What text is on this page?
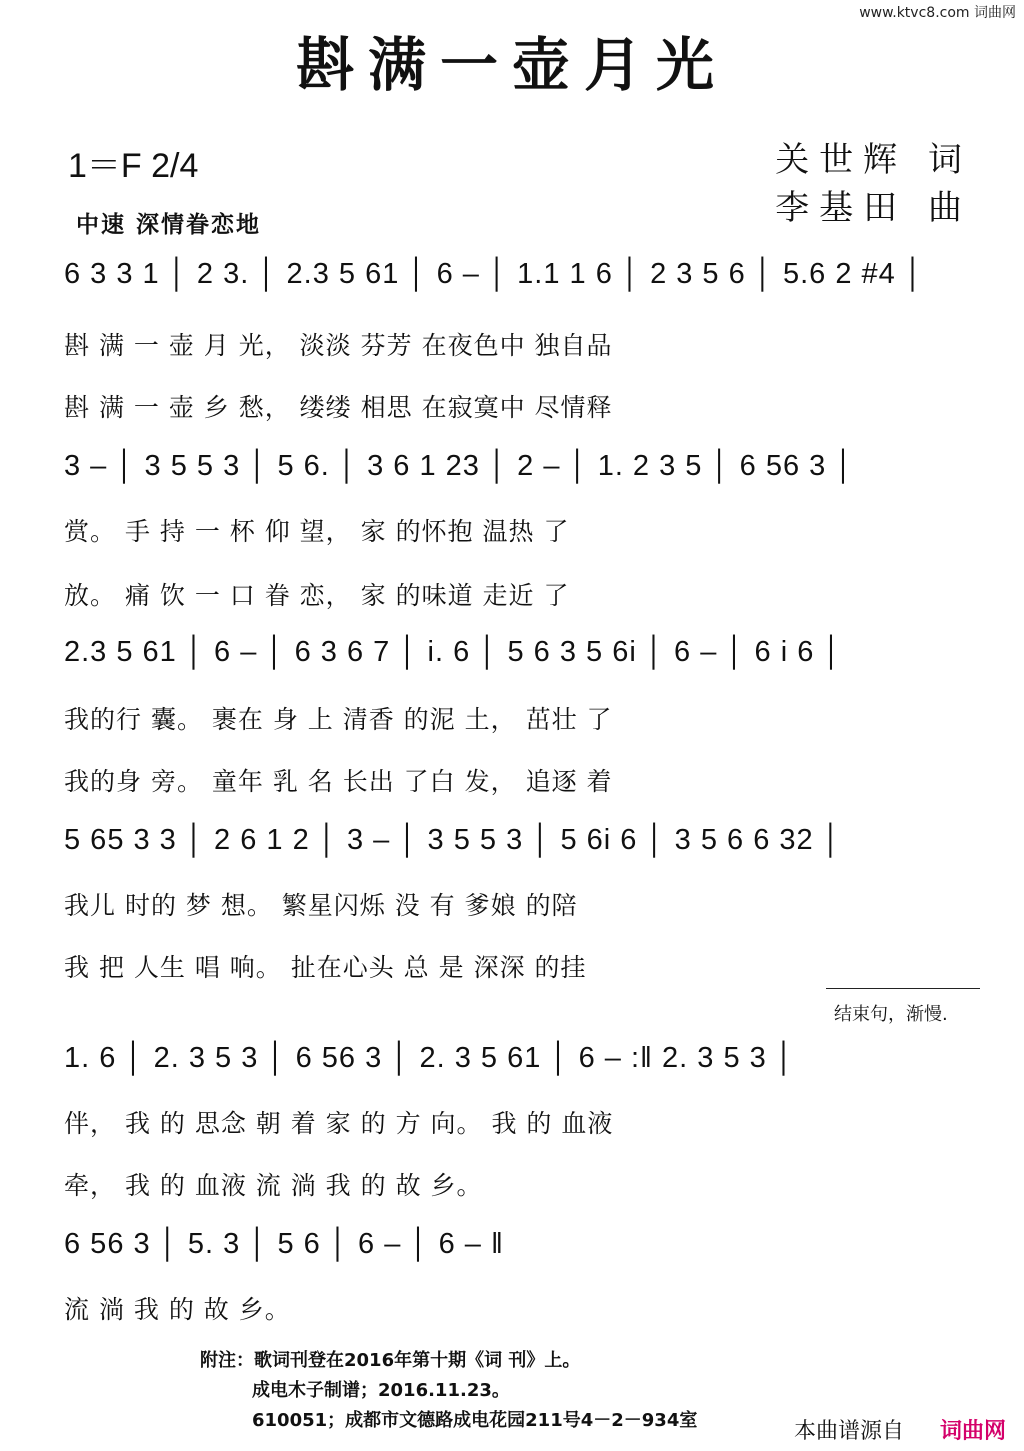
www.ktvc8.com 词曲网
斟满一壶月光
1＝F 2/4
中速 深情眷恋地
关世辉 词
李基田 曲
6 3 3 1 │ 2 3. │ 2.3 5 61 │ 6 – │ 1.1 1 6 │ 2 3 5 6 │ 5.6 2 #4 │
斟 满 一 壶 月 光， 淡淡 芬芳 在夜色中 独自品
斟 满 一 壶 乡 愁， 缕缕 相思 在寂寞中 尽情释
3 – │ 3 5 5 3 │ 5 6. │ 3 6 1 23 │ 2 – │ 1. 2 3 5 │ 6 56 3 │
赏。 手 持 一 杯 仰 望， 家 的怀抱 温热 了
放。 痛 饮 一 口 眷 恋， 家 的味道 走近 了
2.3 5 61 │ 6 – │ 6 3 6 7 │ i. 6 │ 5 6 3 5 6i │ 6 – │ 6 i 6 │
我的行 囊。 裹在 身 上 清香 的泥 土， 茁壮 了
我的身 旁。 童年 乳 名 长出 了白 发， 追逐 着
5 65 3 3 │ 2 6 1 2 │ 3 – │ 3 5 5 3 │ 5 6i 6 │ 3 5 6 6 32 │
我儿 时的 梦 想。 繁星闪烁 没 有 爹娘 的陪
我 把 人生 唱 响。 扯在心头 总 是 深深 的挂
结束句，渐慢.
1. 6 │ 2. 3 5 3 │ 6 56 3 │ 2. 3 5 61 │ 6 – :‖ 2. 3 5 3 │
伴， 我 的 思念 朝 着 家 的 方 向。 我 的 血液
牵， 我 的 血液 流 淌 我 的 故 乡。
6 56 3 │ 5. 3 │ 5 6 │ 6 – │ 6 – ‖
流 淌 我 的 故 乡。
附注：歌词刊登在2016年第十期《词 刊》上。
成电木子制谱；2016.11.23。
610051；成都市文德路成电花园211号4－2－934室	本曲谱源自 词曲网
